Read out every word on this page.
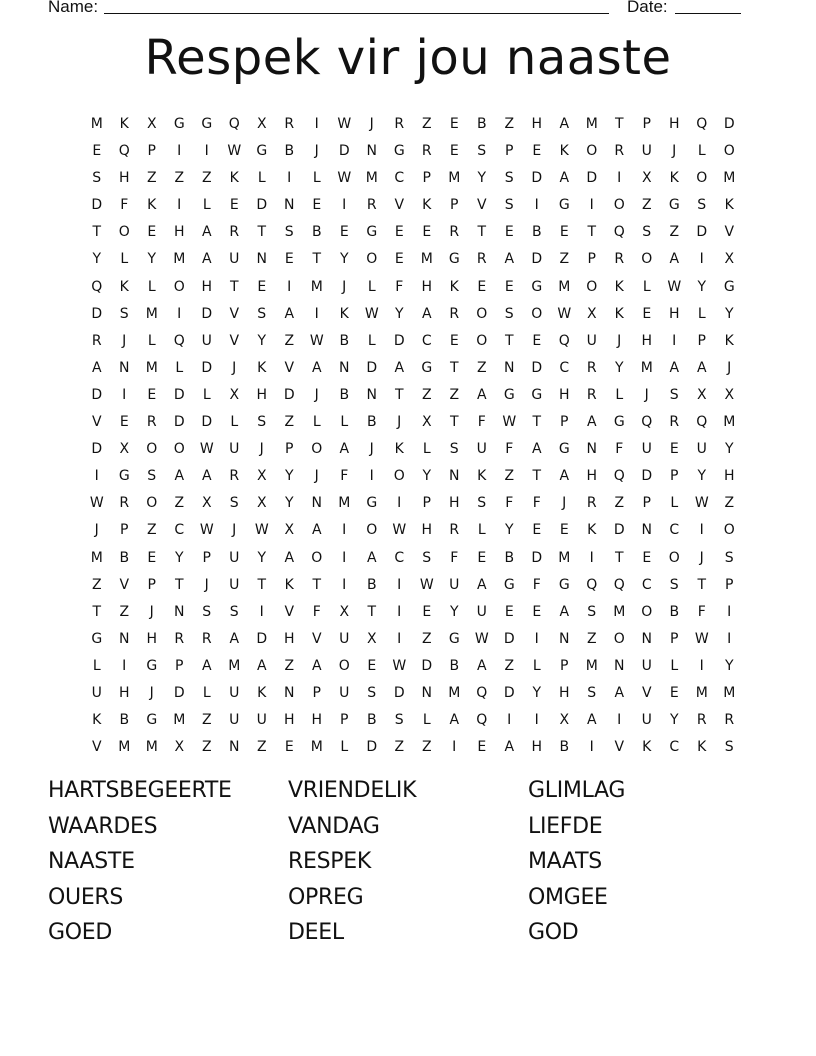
Name:	Date:
Respek vir jou naaste
M	K	X	G	G	Q	X	R	I	W	J	R	Z	E	B	Z	H	A	M	T	P	H	Q	D
E	Q	P	I	I	W	G	B	J	D	N	G	R	E	S	P	E	K	O	R	U	J	L	O
S	H	Z	Z	Z	K	L	I	L	W	M	C	P	M	Y	S	D	A	D	I	X	K	O	M
D	F	K	I	L	E	D	N	E	I	R	V	K	P	V	S	I	G	I	O	Z	G	S	K
T	O	E	H	A	R	T	S	B	E	G	E	E	R	T	E	B	E	T	Q	S	Z	D	V
Y	L	Y	M	A	U	N	E	T	Y	O	E	M	G	R	A	D	Z	P	R	O	A	I	X
Q	K	L	O	H	T	E	I	M	J	L	F	H	K	E	E	G	M	O	K	L	W	Y	G
D	S	M	I	D	V	S	A	I	K	W	Y	A	R	O	S	O	W	X	K	E	H	L	Y
R	J	L	Q	U	V	Y	Z	W	B	L	D	C	E	O	T	E	Q	U	J	H	I	P	K
A	N	M	L	D	J	K	V	A	N	D	A	G	T	Z	N	D	C	R	Y	M	A	A	J
D	I	E	D	L	X	H	D	J	B	N	T	Z	Z	A	G	G	H	R	L	J	S	X	X
V	E	R	D	D	L	S	Z	L	L	B	J	X	T	F	W	T	P	A	G	Q	R	Q	M
D	X	O	O	W	U	J	P	O	A	J	K	L	S	U	F	A	G	N	F	U	E	U	Y
I	G	S	A	A	R	X	Y	J	F	I	O	Y	N	K	Z	T	A	H	Q	D	P	Y	H
W	R	O	Z	X	S	X	Y	N	M	G	I	P	H	S	F	F	J	R	Z	P	L	W	Z
J	P	Z	C	W	J	W	X	A	I	O	W	H	R	L	Y	E	E	K	D	N	C	I	O
M	B	E	Y	P	U	Y	A	O	I	A	C	S	F	E	B	D	M	I	T	E	O	J	S
Z	V	P	T	J	U	T	K	T	I	B	I	W	U	A	G	F	G	Q	Q	C	S	T	P
T	Z	J	N	S	S	I	V	F	X	T	I	E	Y	U	E	E	A	S	M	O	B	F	I
G	N	H	R	R	A	D	H	V	U	X	I	Z	G	W	D	I	N	Z	O	N	P	W	I
L	I	G	P	A	M	A	Z	A	O	E	W	D	B	A	Z	L	P	M	N	U	L	I	Y
U	H	J	D	L	U	K	N	P	U	S	D	N	M	Q	D	Y	H	S	A	V	E	M	M
K	B	G	M	Z	U	U	H	H	P	B	S	L	A	Q	I	I	X	A	I	U	Y	R	R
V	M	M	X	Z	N	Z	E	M	L	D	Z	Z	I	E	A	H	B	I	V	K	C	K	S
HARTSBEGEERTE	VRIENDELIK	GLIMLAG
WAARDES	VANDAG	LIEFDE
NAASTE	RESPEK	MAATS
OUERS	OPREG	OMGEE
GOED	DEEL	GOD
